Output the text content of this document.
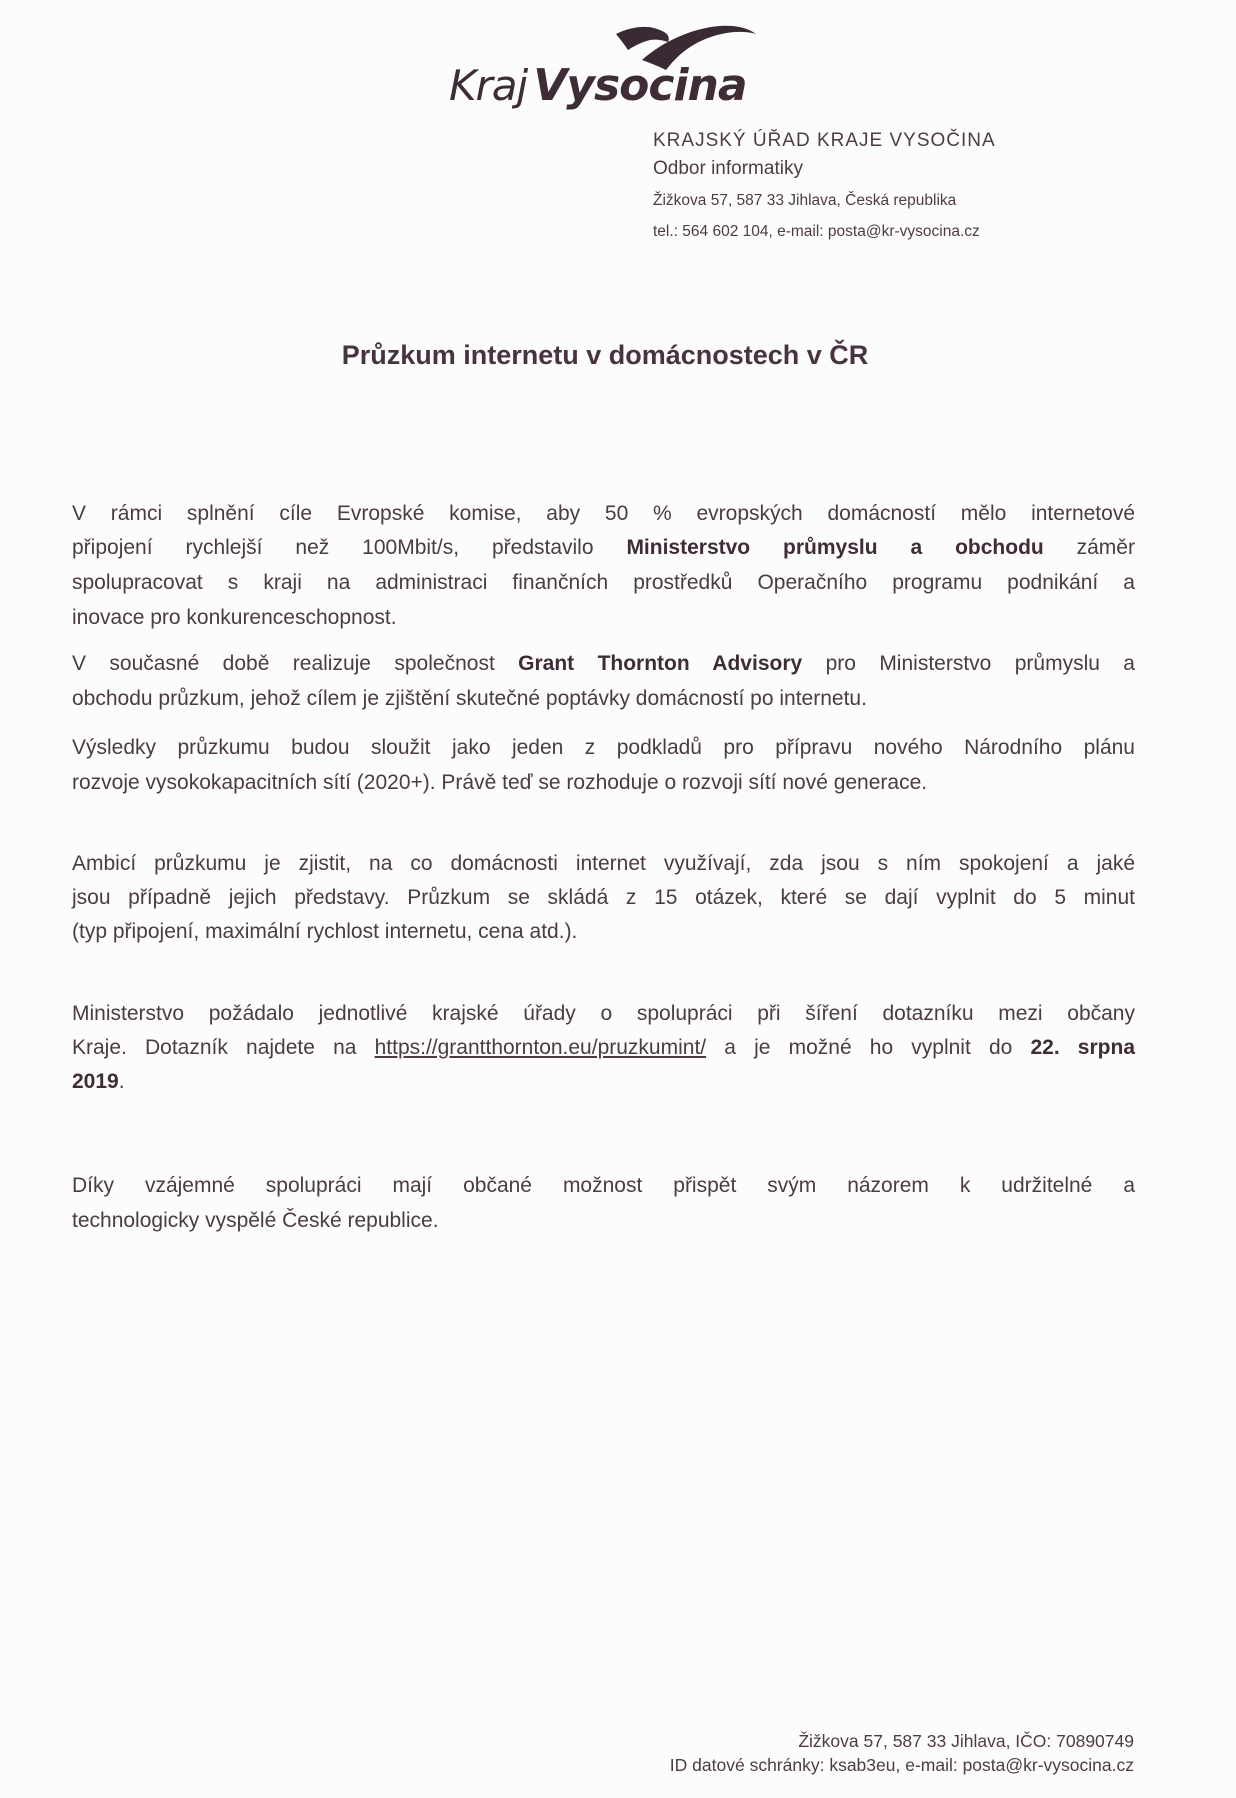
Kraj Vysocina
KRAJSKÝ ÚŘAD KRAJE VYSOČINA
Odbor informatiky
Žižkova 57, 587 33 Jihlava, Česká republika
tel.: 564 602 104, e-mail: posta@kr-vysocina.cz
Průzkum internetu v domácnostech v ČR
V rámci splnění cíle Evropské komise, aby 50 % evropských domácností mělo internetové
připojení rychlejší než 100Mbit/s, představilo Ministerstvo průmyslu a obchodu záměr
spolupracovat s kraji na administraci finančních prostředků Operačního programu podnikání a
inovace pro konkurenceschopnost.
V současné době realizuje společnost Grant Thornton Advisory pro Ministerstvo průmyslu a
obchodu průzkum, jehož cílem je zjištění skutečné poptávky domácností po internetu.
Výsledky průzkumu budou sloužit jako jeden z podkladů pro přípravu nového Národního plánu
rozvoje vysokokapacitních sítí (2020+). Právě teď se rozhoduje o rozvoji sítí nové generace.
Ambicí průzkumu je zjistit, na co domácnosti internet využívají, zda jsou s ním spokojení a jaké
jsou případně jejich představy. Průzkum se skládá z 15 otázek, které se dají vyplnit do 5 minut
(typ připojení, maximální rychlost internetu, cena atd.).
Ministerstvo požádalo jednotlivé krajské úřady o spolupráci při šíření dotazníku mezi občany
Kraje. Dotazník najdete na https://grantthornton.eu/pruzkumint/ a je možné ho vyplnit do 22. srpna
2019.
Díky vzájemné spolupráci mají občané možnost přispět svým názorem k udržitelné a
technologicky vyspělé České republice.
Žižkova 57, 587 33 Jihlava, IČO: 70890749
ID datové schránky: ksab3eu, e-mail: posta@kr-vysocina.cz
